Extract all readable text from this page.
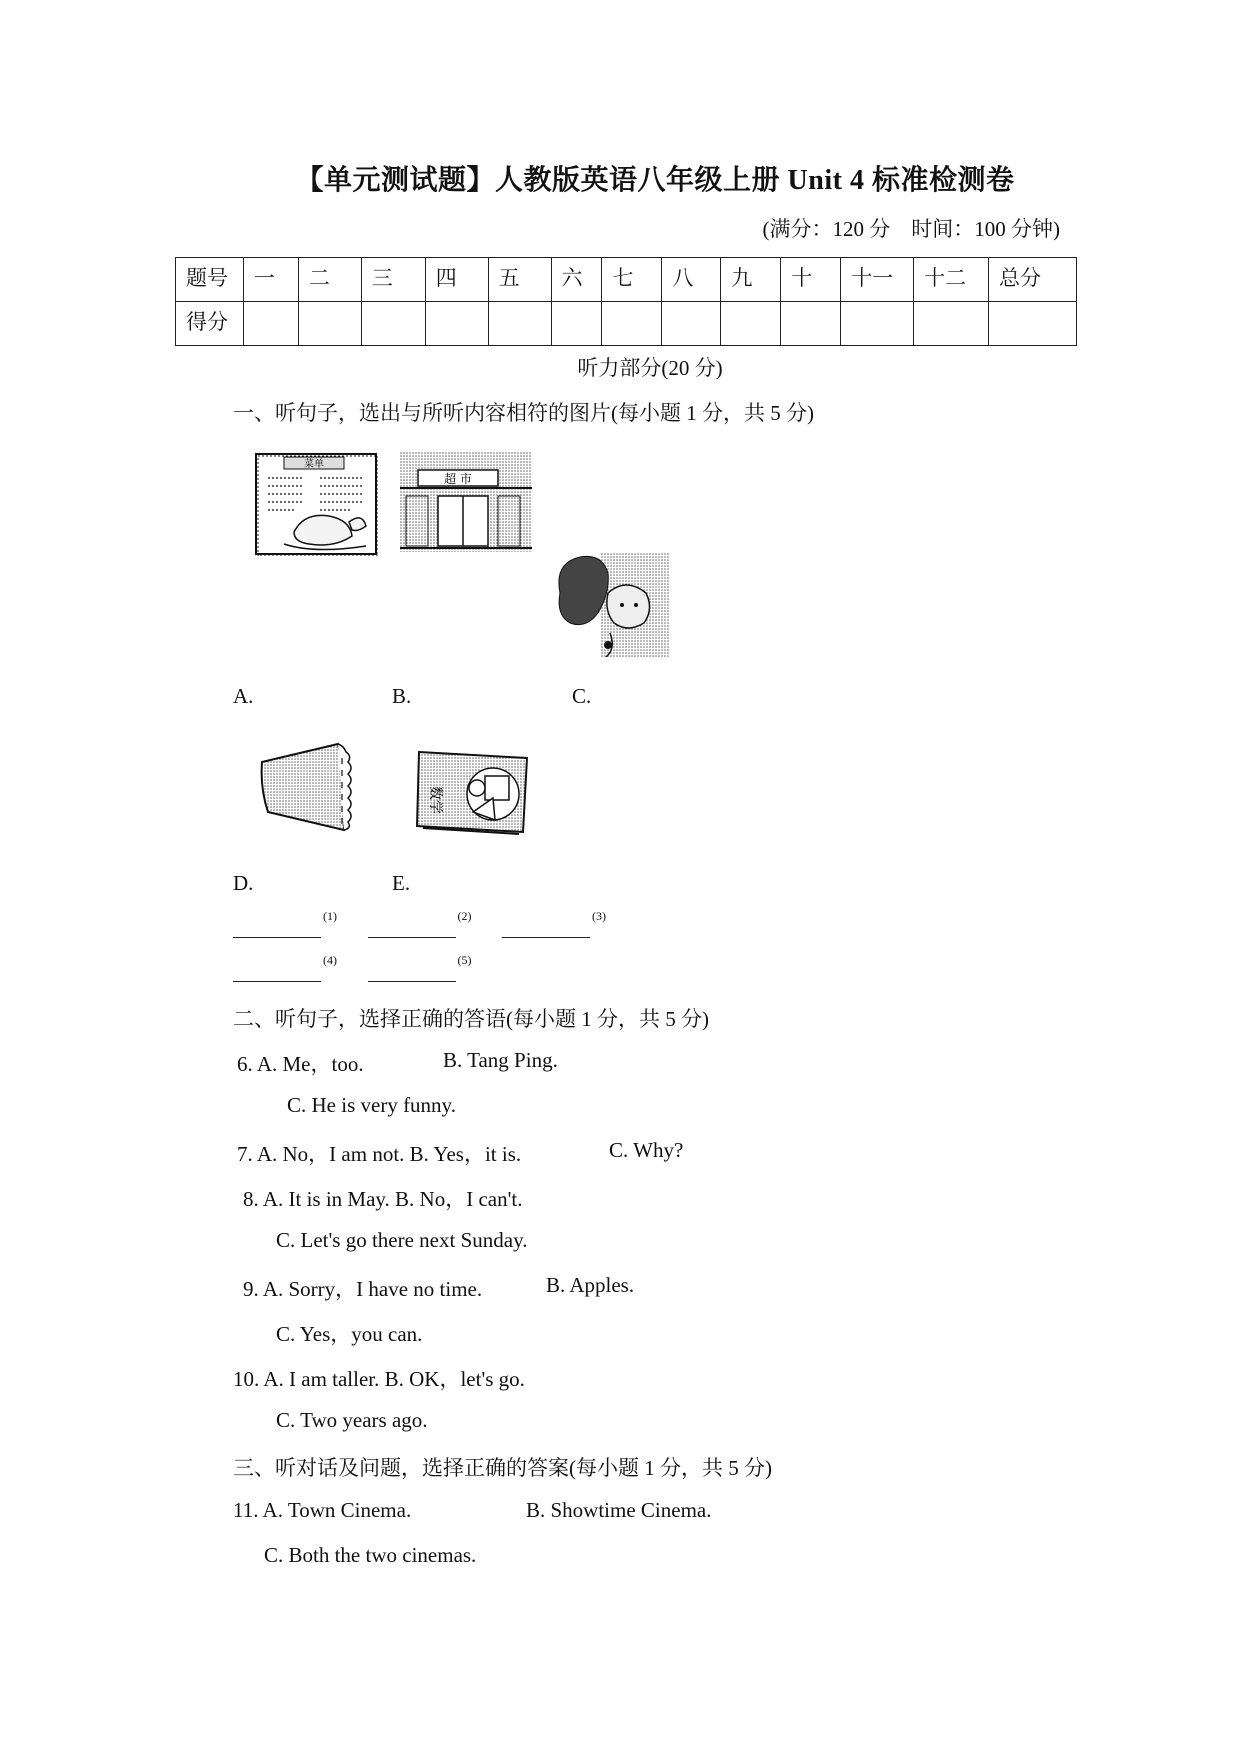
【单元测试题】人教版英语八年级上册 Unit 4 标准检测卷
(满分：120 分　时间：100 分钟)
题号	一	二	三	四	五	六	七	八	九	十	十一	十二	总分
得分													
听力部分(20 分)
一、听句子，选出与所听内容相符的图片(每小题 1 分，共 5 分)
菜单
超 市
A.	B.	C.
数学
D.	E.
$^{(1)}$	$^{(2)}$	$^{(3)}$
$^{(4)}$	$^{(5)}$
二、听句子，选择正确的答语(每小题 1 分，共 5 分)
6. A. Me，too.	B. Tang Ping.
C. He is very funny.
7. A. No，I am not. B. Yes，it is.	C. Why?
8. A. It is in May. B. No，I can't.
C. Let's go there next Sunday.
9. A. Sorry，I have no time.	B. Apples.
C. Yes，you can.
10. A. I am taller. B. OK，let's go.
C. Two years ago.
三、听对话及问题，选择正确的答案(每小题 1 分，共 5 分)
11. A. Town Cinema.	B. Showtime Cinema.
C. Both the two cinemas.
